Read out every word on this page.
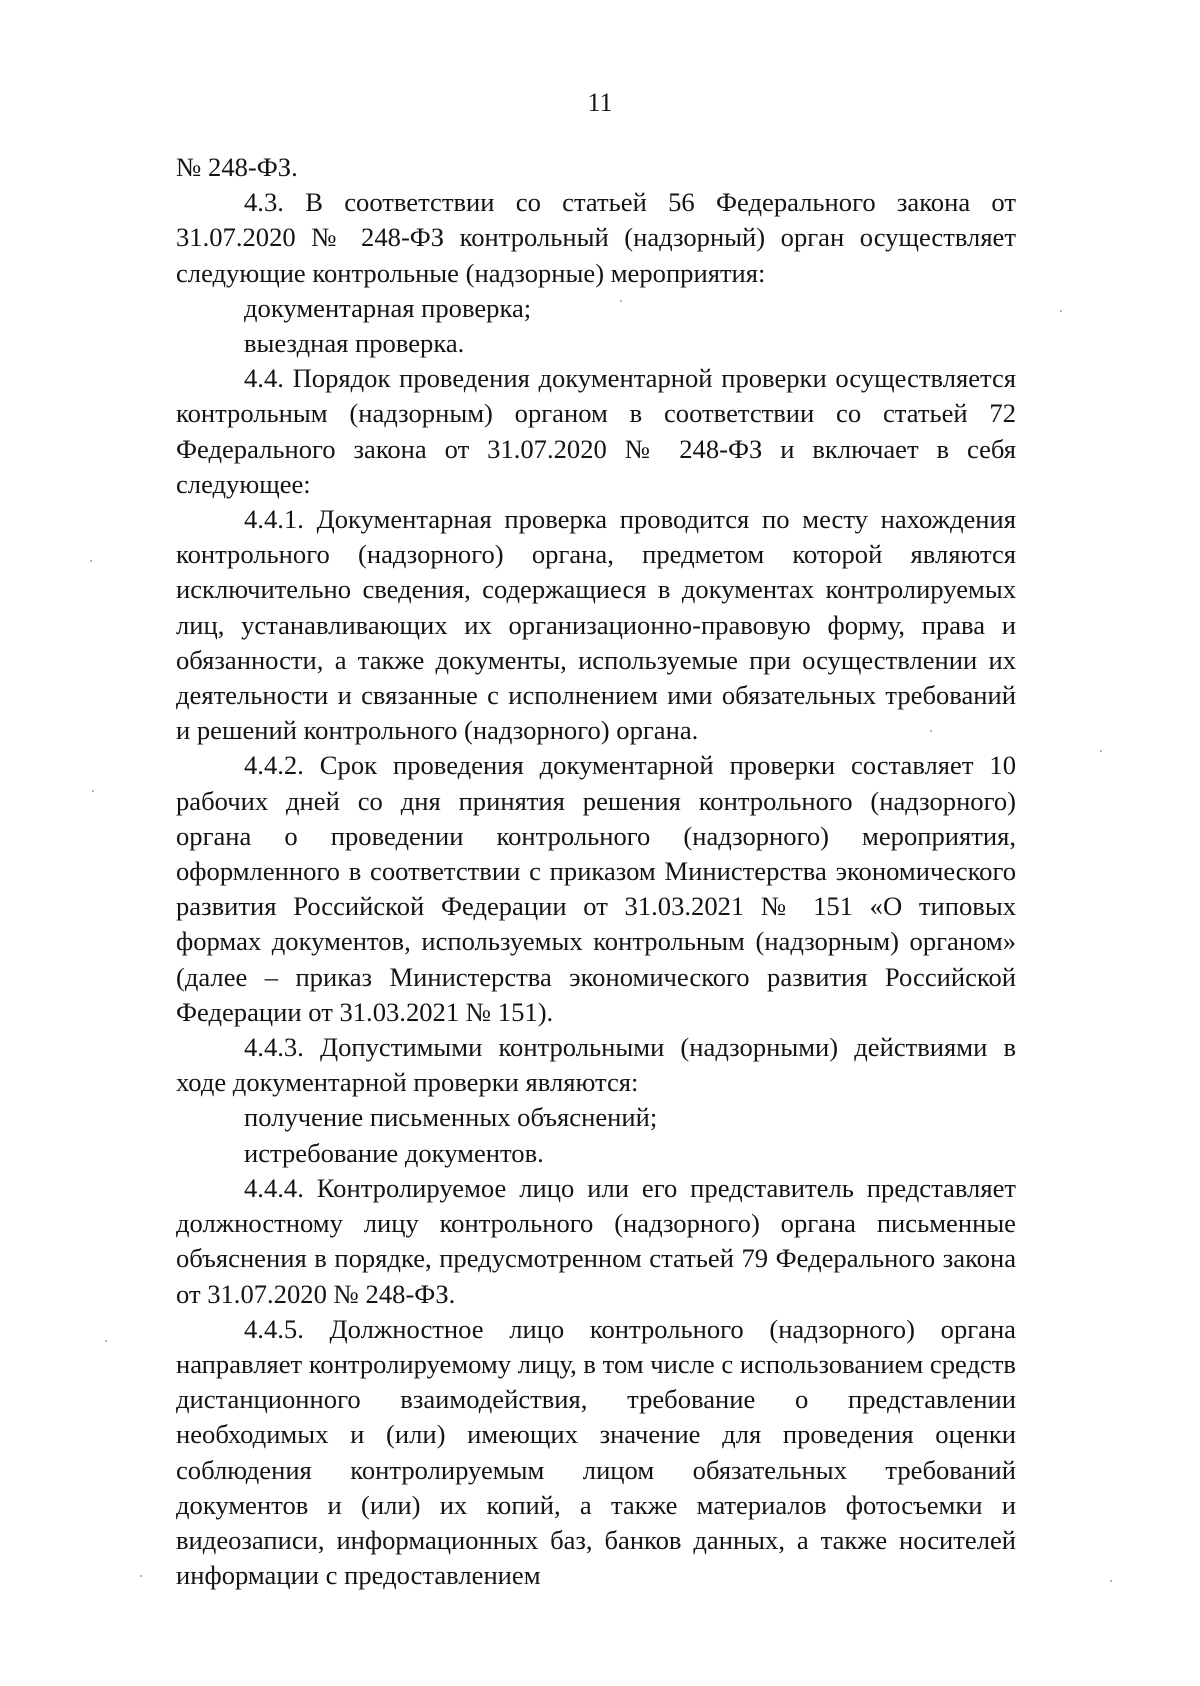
11

№ 248-ФЗ.

4.3. В соответствии со статьей 56 Федерального закона от 31.07.2020 № 248-ФЗ контрольный (надзорный) орган осуществляет следующие контрольные (надзорные) мероприятия:

документарная проверка;

выездная проверка.

4.4. Порядок проведения документарной проверки осуществляется контрольным (надзорным) органом в соответствии со статьей 72 Федерального закона от 31.07.2020 № 248-ФЗ и включает в себя следующее:

4.4.1. Документарная проверка проводится по месту нахождения контрольного (надзорного) органа, предметом которой являются исключительно сведения, содержащиеся в документах контролируемых лиц, устанавливающих их организационно-правовую форму, права и обязанности, а также документы, используемые при осуществлении их деятельности и связанные с исполнением ими обязательных требований и решений контрольного (надзорного) органа.

4.4.2. Срок проведения документарной проверки составляет 10 рабочих дней со дня принятия решения контрольного (надзорного) органа о проведении контрольного (надзорного) мероприятия, оформленного в соответствии с приказом Министерства экономического развития Российской Федерации от 31.03.2021 № 151 «О типовых формах документов, используемых контрольным (надзорным) органом» (далее – приказ Министерства экономического развития Российской Федерации от 31.03.2021 № 151).

4.4.3. Допустимыми контрольными (надзорными) действиями в ходе документарной проверки являются:

получение письменных объяснений;

истребование документов.

4.4.4. Контролируемое лицо или его представитель представляет должностному лицу контрольного (надзорного) органа письменные объяснения в порядке, предусмотренном статьей 79 Федерального закона от 31.07.2020 № 248-ФЗ.

4.4.5. Должностное лицо контрольного (надзорного) органа направляет контролируемому лицу, в том числе с использованием средств дистанционного взаимодействия, требование о представлении необходимых и (или) имеющих значение для проведения оценки соблюдения контролируемым лицом обязательных требований документов и (или) их копий, а также материалов фотосъемки и видеозаписи, информационных баз, банков данных, а также носителей информации с предоставлением
